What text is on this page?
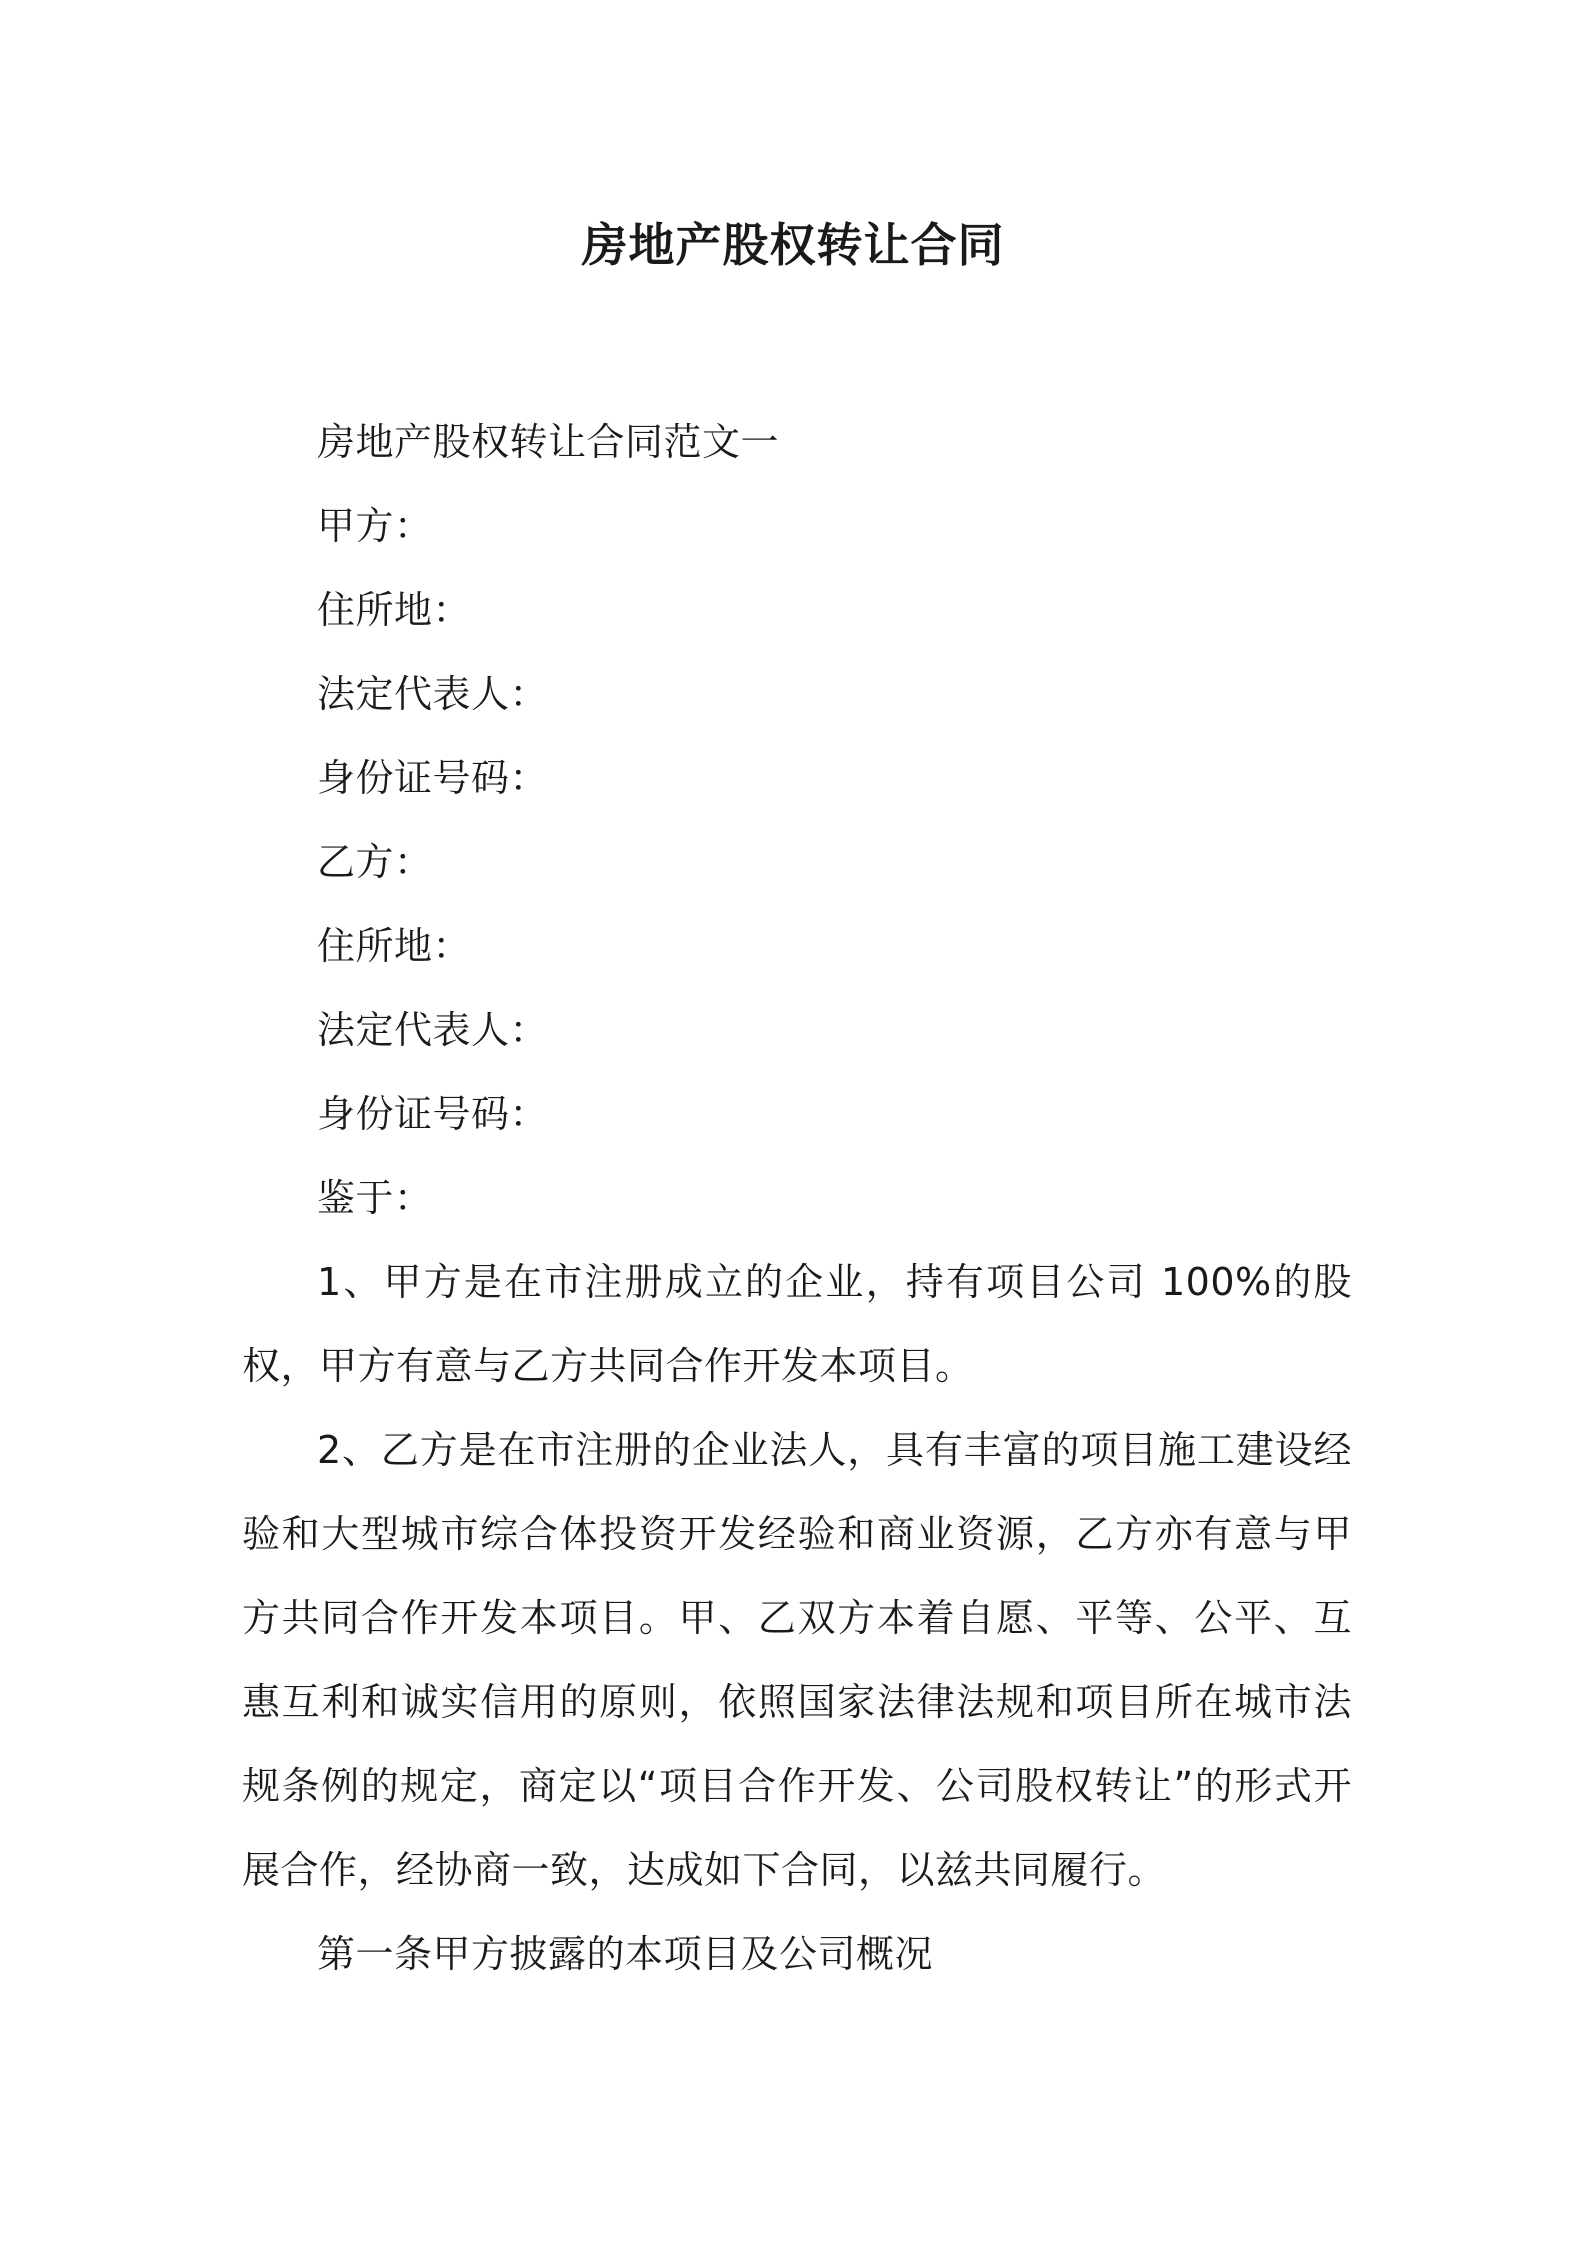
房地产股权转让合同
房地产股权转让合同范文一
甲方：
住所地：
法定代表人：
身份证号码：
乙方：
住所地：
法定代表人：
身份证号码：
鉴于：

1、甲方是在市注册成立的企业，持有项目公司 100%的股权，甲方有意与乙方共同合作开发本项目。

2、乙方是在市注册的企业法人，具有丰富的项目施工建设经验和大型城市综合体投资开发经验和商业资源，乙方亦有意与甲方共同合作开发本项目。甲、乙双方本着自愿、平等、公平、互惠互利和诚实信用的原则，依照国家法律法规和项目所在城市法规条例的规定，商定以“项目合作开发、公司股权转让”的形式开展合作，经协商一致，达成如下合同，以兹共同履行。

第一条甲方披露的本项目及公司概况
